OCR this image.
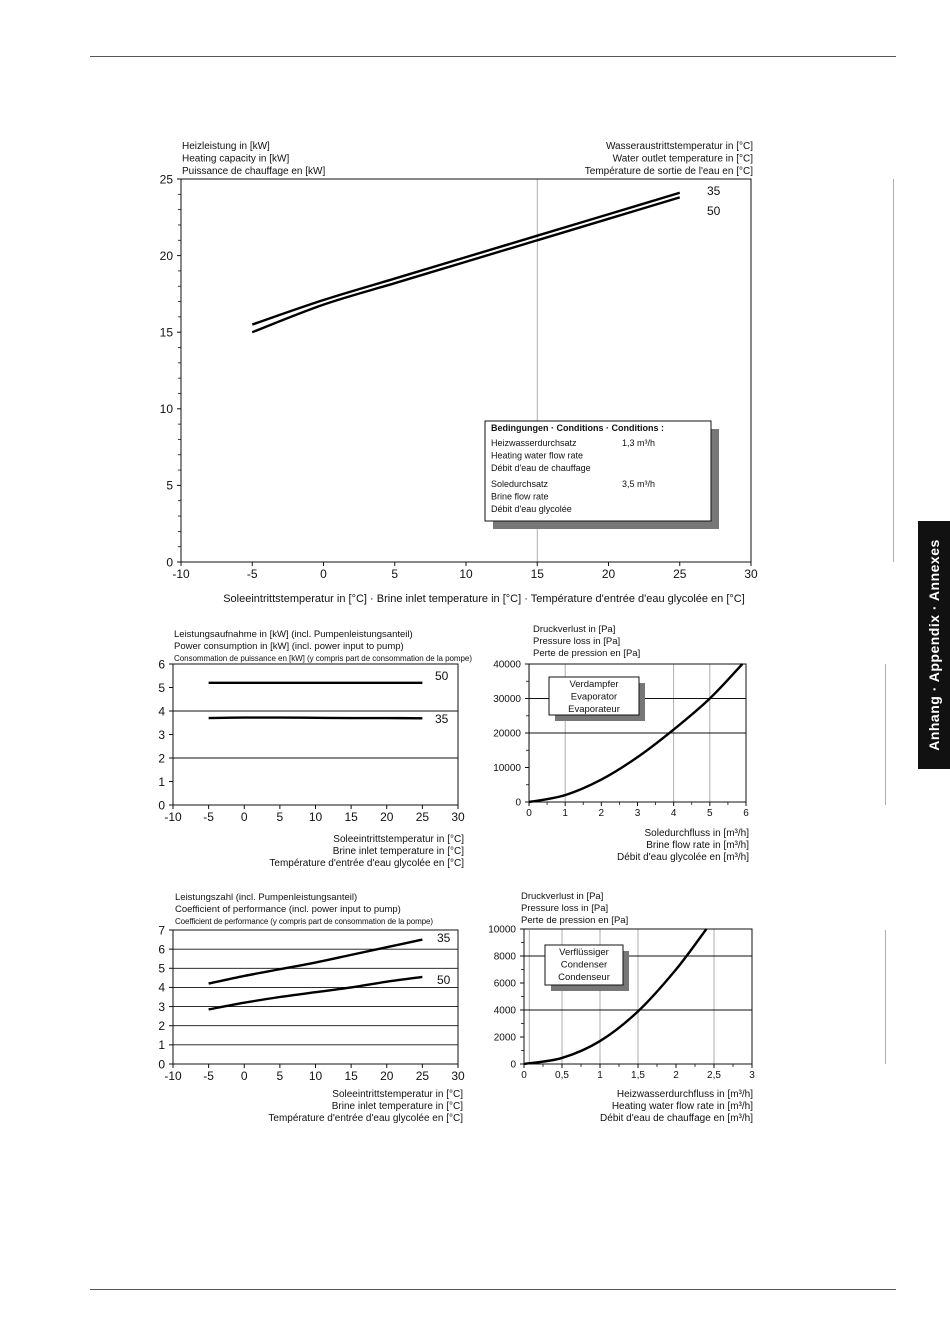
Anhang · Appendix · Annexes
Heizleistung in [kW]
Heating capacity in [kW]
Puissance de chauffage en [kW]
Wasseraustrittstemperatur in [°C]
Water outlet temperature in [°C]
Température de sortie de l'eau en [°C]
Soleeintrittstemperatur in [°C] · Brine inlet temperature in [°C] · Température d'entrée d'eau glycolée en [°C]
-10	-5	0	5	10	15	20	25	30
0
5
10
15
20
25
35
50
Bedingungen · Conditions · Conditions :
Heizwasserdurchsatz
Heating water flow rate
Débit d'eau de chauffage
1,3 m³/h
Soledurchsatz
Brine flow rate
Débit d'eau glycolée
3,5 m³/h
Leistungsaufnahme in [kW] (incl. Pumpenleistungsanteil)
Power consumption in [kW] (incl. power input to pump)
Consommation de puissance en [kW] (y compris part de consommation de la pompe)
Soleeintrittstemperatur in [°C]
Brine inlet temperature in [°C]
Température d'entrée d'eau glycolée en [°C]
-10 -5 0 5 10 15 20 25 30
0
1
2
3
4
5
6
50
35
Druckverlust in [Pa]
Pressure loss in [Pa]
Perte de pression en [Pa]
Soledurchfluss in [m³/h]
Brine flow rate in [m³/h]
Débit d'eau glycolée en [m³/h]
0	1	2	3	4	5	6
0
10000
20000
30000
40000
Verdampfer
Evaporator
Evaporateur
Leistungszahl (incl. Pumpenleistungsanteil)
Coefficient of performance (incl. power input to pump)
Coefficient de performance (y compris part de consommation de la pompe)
Soleeintrittstemperatur in [°C]
Brine inlet temperature in [°C]
Température d'entrée d'eau glycolée en [°C]
-10 -5 0 5 10 15 20 25 30
0
1
2
3
4
5
6
7
35
50
Druckverlust in [Pa]
Pressure loss in [Pa]
Perte de pression en [Pa]
Heizwasserdurchfluss in [m³/h]
Heating water flow rate in [m³/h]
Débit d'eau de chauffage en [m³/h]
0	0,5	1	1,5	2	2,5	3
0
2000
4000
6000
8000
10000
Verflüssiger
Condenser
Condenseur
